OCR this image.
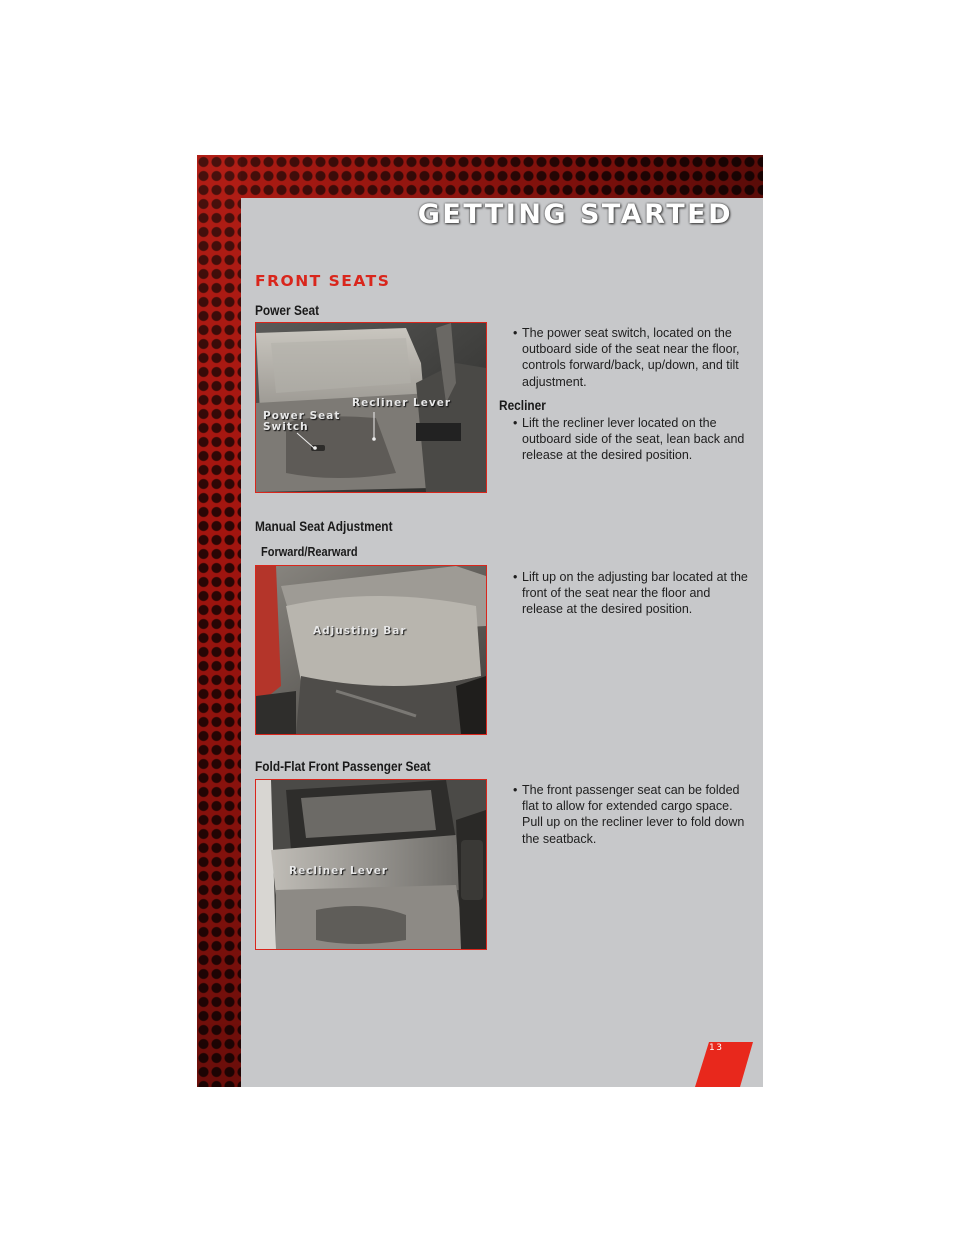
GETTING STARTED
FRONT SEATS
Power Seat
Recliner Lever
Power Seat
Switch
• The power seat switch, located on the outboard side of the seat near the floor, controls forward/back, up/down, and tilt adjustment.
Recliner
• Lift the recliner lever located on the outboard side of the seat, lean back and release at the desired position.
Manual Seat Adjustment
Forward/Rearward
Adjusting Bar
• Lift up on the adjusting bar located at the front of the seat near the floor and release at the desired position.
Fold-Flat Front Passenger Seat
Recliner Lever
• The front passenger seat can be folded flat to allow for extended cargo space. Pull up on the recliner lever to fold down the seatback.
13
